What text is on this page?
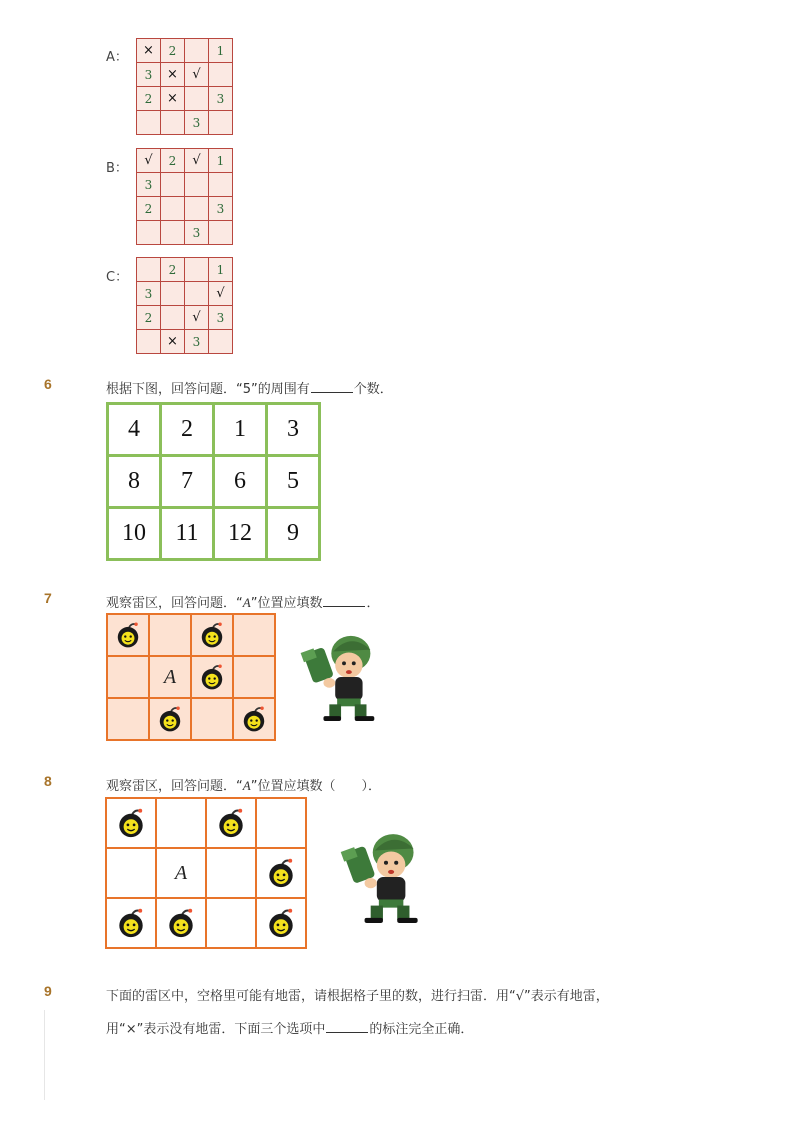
A： ×	2		1
3	×	√	
2	×		3
		3	
B：
√	2	√	1
3			
2			3
		3	
C：
	2		1
3			√
2		√	3
	×	3	
6	根据下图，回答问题．“5”的周围有	个数．
4	2	1	3
8	7	6	5
10	11	12	9
7	观察雷区，回答问题．“A”位置应填数	．

	A		

8	观察雷区，回答问题．“A”位置应填数（　　）．

	A		

9	下面的雷区中，空格里可能有地雷，请根据格子里的数，进行扫雷．用“√”表示有地雷，
用“×”表示没有地雷．下面三个选项中	的标注完全正确．
